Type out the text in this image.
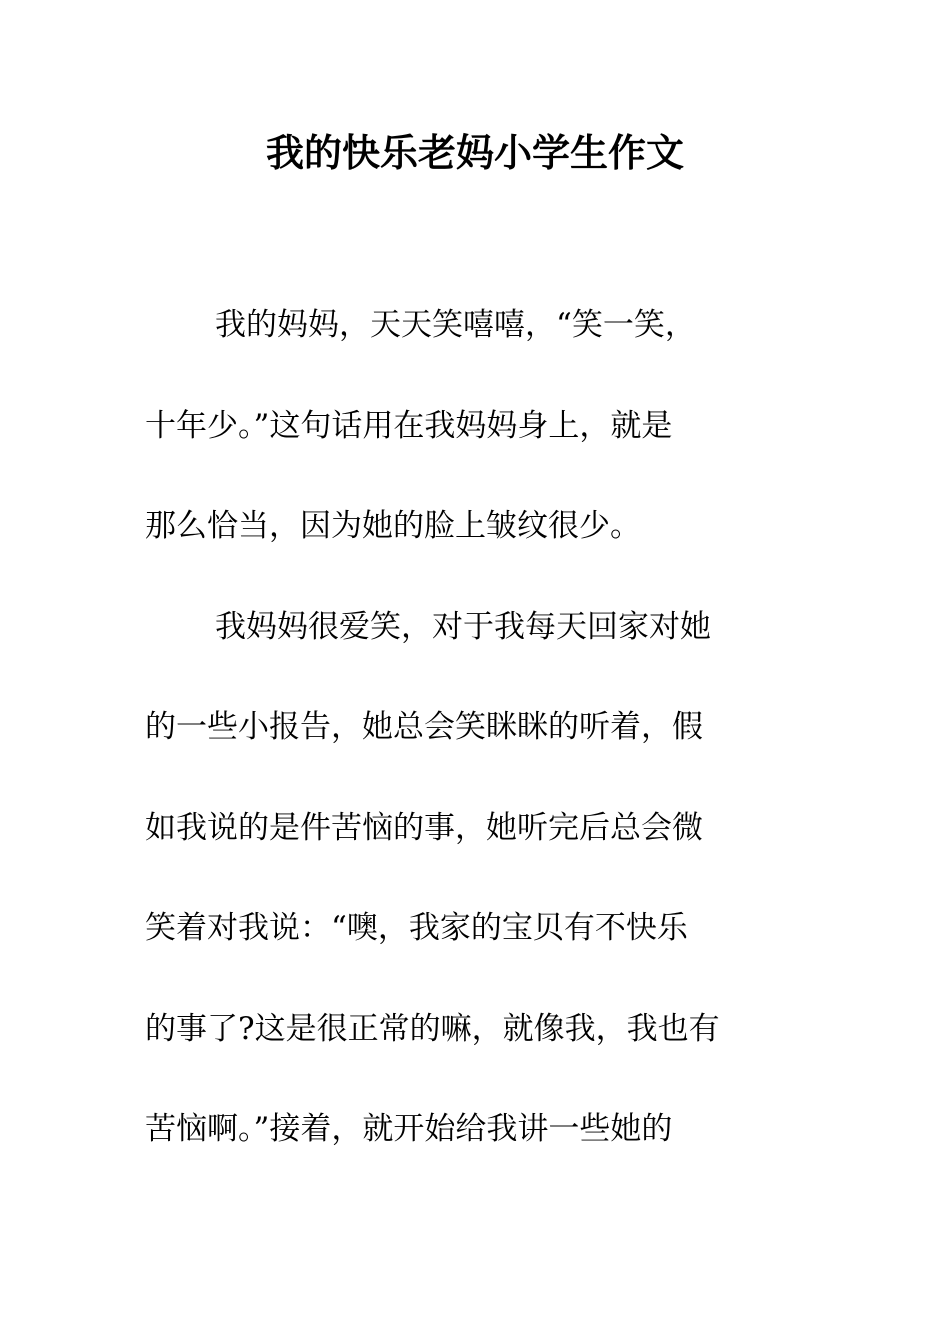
我的快乐老妈小学生作文
我的妈妈，天天笑嘻嘻，“笑一笑，
十年少。”这句话用在我妈妈身上，就是
那么恰当，因为她的脸上皱纹很少。
我妈妈很爱笑，对于我每天回家对她
的一些小报告，她总会笑眯眯的听着，假
如我说的是件苦恼的事，她听完后总会微
笑着对我说：“噢，我家的宝贝有不快乐
的事了?这是很正常的嘛，就像我，我也有
苦恼啊。”接着，就开始给我讲一些她的
